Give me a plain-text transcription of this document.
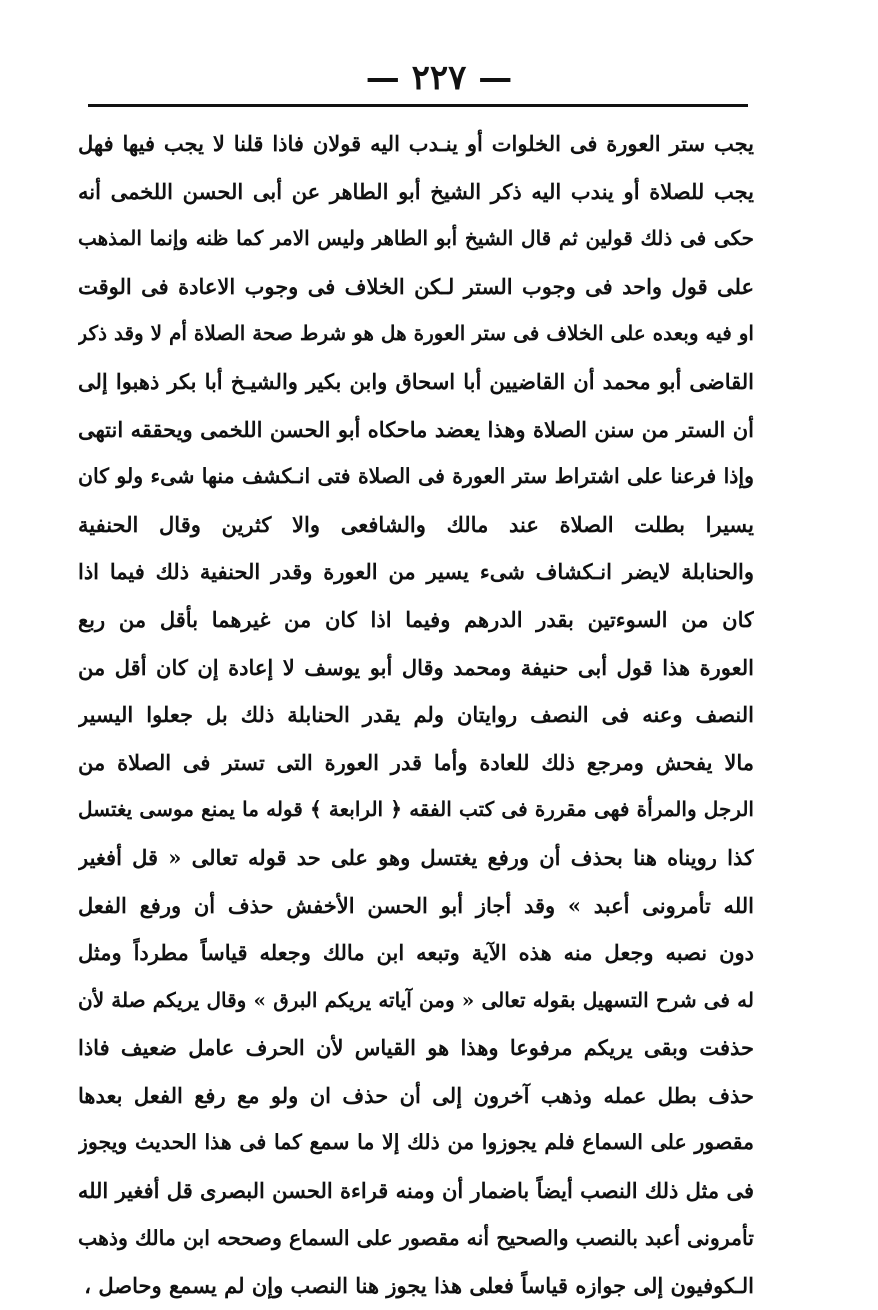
— ٢٢٧ —
يجب ستر العورة فى الخلوات أو ينـدب اليه قولان فاذا قلنا لا يجب فيها فهل
يجب للصلاة أو يندب اليه ذكر الشيخ أبو الطاهر عن أبى الحسن اللخمى أنه
حكى فى ذلك قولين ثم قال الشيخ أبو الطاهر وليس الامر كما ظنه وإنما المذهب
على قول واحد فى وجوب الستر لـكن الخلاف فى وجوب الاعادة فى الوقت
او فيه وبعده على الخلاف فى ستر العورة هل هو شرط صحة الصلاة أم لا وقد ذكر
القاضى أبو محمد أن القاضيين أبا اسحاق وابن بكير والشيـخ أبا بكر ذهبوا إلى
أن الستر من سنن الصلاة وهذا يعضد ماحكاه أبو الحسن اللخمى ويحققه انتهى
وإذا فرعنا على اشتراط ستر العورة فى الصلاة فتى انـكشف منها شىء ولو كان
يسيرا بطلت الصلاة عند مالك والشافعى والا كثرين وقال الحنفية
والحنابلة لايضر انـكشاف شىء يسير من العورة وقدر الحنفية ذلك فيما اذا
كان من السوءتين بقدر الدرهم وفيما اذا كان من غيرهما بأقل من ربع
العورة هذا قول أبى حنيفة ومحمد وقال أبو يوسف لا إعادة إن كان أقل من
النصف وعنه فى النصف روايتان ولم يقدر الحنابلة ذلك بل جعلوا اليسير
مالا يفحش ومرجع ذلك للعادة وأما قدر العورة التى تستر فى الصلاة من
الرجل والمرأة فهى مقررة فى كتب الفقه ﴿ الرابعة ﴾ قوله ما يمنع موسى يغتسل
كذا رويناه هنا بحذف أن ورفع يغتسل وهو على حد قوله تعالى « قل أفغير
الله تأمرونى أعبد » وقد أجاز أبو الحسن الأخفش حذف أن ورفع الفعل
دون نصبه وجعل منه هذه الآية وتبعه ابن مالك وجعله قياساً مطرداً ومثل
له فى شرح التسهيل بقوله تعالى « ومن آياته يريكم البرق » وقال يريكم صلة لأن
حذفت وبقى يريكم مرفوعا وهذا هو القياس لأن الحرف عامل ضعيف فاذا
حذف بطل عمله وذهب آخرون إلى أن حذف ان ولو مع رفع الفعل بعدها
مقصور على السماع فلم يجوزوا من ذلك إلا ما سمع كما فى هذا الحديث ويجوز
فى مثل ذلك النصب أيضاً باضمار أن ومنه قراءة الحسن البصرى قل أفغير الله
تأمرونى أعبد بالنصب والصحيح أنه مقصور على السماع وصححه ابن مالك وذهب
الـكوفيون إلى جوازه قياساً فعلى هذا يجوز هنا النصب وإن لم يسمع وحاصل ،
